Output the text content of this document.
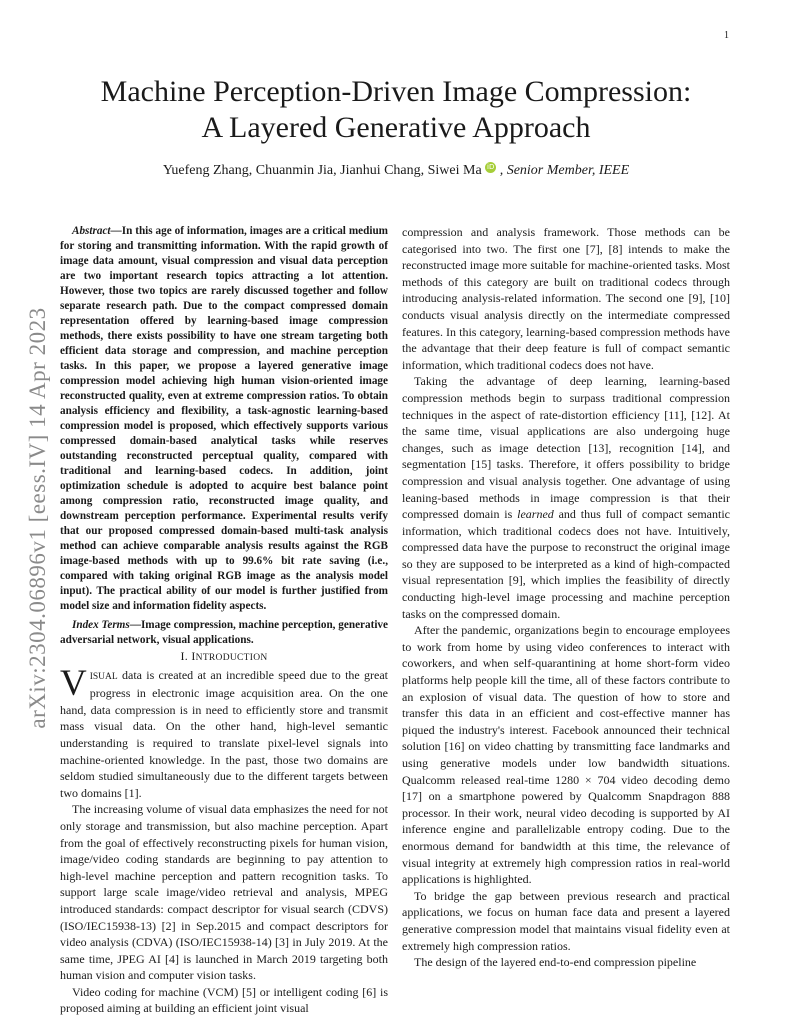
1
arXiv:2304.06896v1 [eess.IV] 14 Apr 2023
Machine Perception-Driven Image Compression:
A Layered Generative Approach
Yuefeng Zhang, Chuanmin Jia, Jianhui Chang, Siwei Ma iD , Senior Member, IEEE

Abstract—In this age of information, images are a critical medium for storing and transmitting information. With the rapid growth of image data amount, visual compression and visual data perception are two important research topics attracting a lot attention. However, those two topics are rarely discussed together and follow separate research path. Due to the compact compressed domain representation offered by learning-based image compression methods, there exists possibility to have one stream targeting both efficient data storage and compression, and machine perception tasks. In this paper, we propose a layered generative image compression model achieving high human vision-oriented image reconstructed quality, even at extreme compression ratios. To obtain analysis efficiency and flexibility, a task-agnostic learning-based compression model is proposed, which effectively supports various compressed domain-based analytical tasks while reserves outstanding reconstructed perceptual quality, compared with traditional and learning-based codecs. In addition, joint optimization schedule is adopted to acquire best balance point among compression ratio, reconstructed image quality, and downstream perception performance. Experimental results verify that our proposed compressed domain-based multi-task analysis method can achieve comparable analysis results against the RGB image-based methods with up to 99.6% bit rate saving (i.e., compared with taking original RGB image as the analysis model input). The practical ability of our model is further justified from model size and information fidelity aspects.

Index Terms—Image compression, machine perception, generative adversarial network, visual applications.

I. INTRODUCTION

VISUAL data is created at an incredible speed due to the great progress in electronic image acquisition area. On the one hand, data compression is in need to efficiently store and transmit mass visual data. On the other hand, high-level semantic understanding is required to translate pixel-level signals into machine-oriented knowledge. In the past, those two domains are seldom studied simultaneously due to the different targets between two domains [1].

The increasing volume of visual data emphasizes the need for not only storage and transmission, but also machine perception. Apart from the goal of effectively reconstructing pixels for human vision, image/video coding standards are beginning to pay attention to high-level machine perception and pattern recognition tasks. To support large scale image/video retrieval and analysis, MPEG introduced standards: compact descriptor for visual search (CDVS) (ISO/IEC15938-13) [2] in Sep.2015 and compact descriptors for video analysis (CDVA) (ISO/IEC15938-14) [3] in July 2019. At the same time, JPEG AI [4] is launched in March 2019 targeting both human vision and computer vision tasks.

Video coding for machine (VCM) [5] or intelligent coding [6] is proposed aiming at building an efficient joint visual

compression and analysis framework. Those methods can be categorised into two. The first one [7], [8] intends to make the reconstructed image more suitable for machine-oriented tasks. Most methods of this category are built on traditional codecs through introducing analysis-related information. The second one [9], [10] conducts visual analysis directly on the intermediate compressed features. In this category, learning-based compression methods have the advantage that their deep feature is full of compact semantic information, which traditional codecs does not have.

Taking the advantage of deep learning, learning-based compression methods begin to surpass traditional compression techniques in the aspect of rate-distortion efficiency [11], [12]. At the same time, visual applications are also undergoing huge changes, such as image detection [13], recognition [14], and segmentation [15] tasks. Therefore, it offers possibility to bridge compression and visual analysis together. One advantage of using leaning-based methods in image compression is that their compressed domain is learned and thus full of compact semantic information, which traditional codecs does not have. Intuitively, compressed data have the purpose to reconstruct the original image so they are supposed to be interpreted as a kind of high-compacted visual representation [9], which implies the feasibility of directly conducting high-level image processing and machine perception tasks on the compressed domain.

After the pandemic, organizations begin to encourage employees to work from home by using video conferences to interact with coworkers, and when self-quarantining at home short-form video platforms help people kill the time, all of these factors contribute to an explosion of visual data. The question of how to store and transfer this data in an efficient and cost-effective manner has piqued the industry's interest. Facebook announced their technical solution [16] on video chatting by transmitting face landmarks and using generative models under low bandwidth situations. Qualcomm released real-time 1280 × 704 video decoding demo [17] on a smartphone powered by Qualcomm Snapdragon 888 processor. In their work, neural video decoding is supported by AI inference engine and parallelizable entropy coding. Due to the enormous demand for bandwidth at this time, the relevance of visual integrity at extremely high compression ratios in real-world applications is highlighted.

To bridge the gap between previous research and practical applications, we focus on human face data and present a layered generative compression model that maintains visual fidelity even at extremely high compression ratios.

The design of the layered end-to-end compression pipeline
